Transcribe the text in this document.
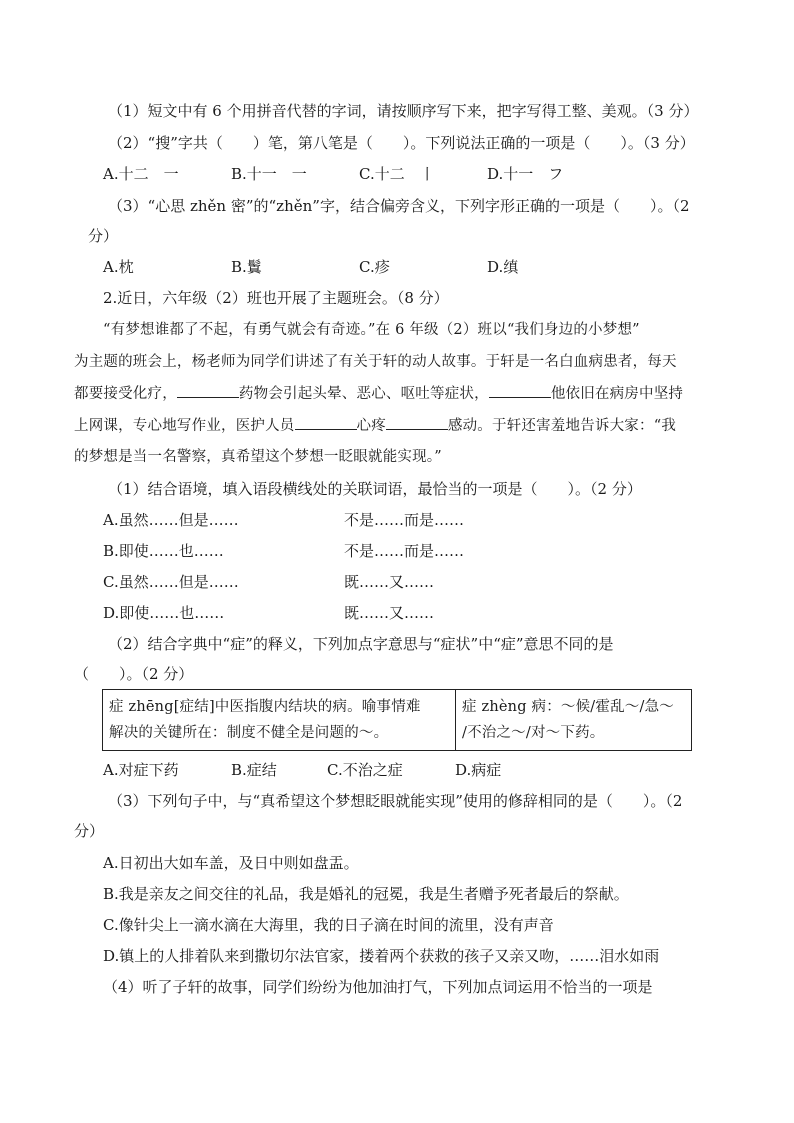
（1）短文中有 6 个用拼音代替的字词，请按顺序写下来，把字写得工整、美观。（3 分）
（2）“搜”字共（　　）笔，第八笔是（　　）。下列说法正确的一项是（　　）。（3 分）
A.十二　一	B.十一　一	C.十二　丨	D.十一　フ
（3）“心思 zhěn 密”的“zhěn”字，结合偏旁含义，下列字形正确的一项是（　　）。（2
分）
A.枕	B.鬒	C.疹	D.缜
2.近日，六年级（2）班也开展了主题班会。（8 分）
“有梦想谁都了不起，有勇气就会有奇迹。”在 6 年级（2）班以“我们身边的小梦想”
为主题的班会上，杨老师为同学们讲述了有关于轩的动人故事。于轩是一名白血病患者，每天
都要接受化疗，	药物会引起头晕、恶心、呕吐等症状，	他依旧在病房中坚持
上网课，专心地写作业，医护人员	心疼	感动。于轩还害羞地告诉大家：“我
的梦想是当一名警察，真希望这个梦想一眨眼就能实现。”
（1）结合语境，填入语段横线处的关联词语，最恰当的一项是（　　）。（2 分）
A.虽然……但是……	不是……而是……
B.即使……也……	不是……而是……
C.虽然……但是……	既……又……
D.即使……也……	既……又……
（2）结合字典中“症”的释义，下列加点字意思与“症状”中“症”意思不同的是
（　　）。（2 分）
症 zhēng[症结]中医指腹内结块的病。喻事情难
解决的关键所在：制度不健全是问题的～。

症 zhèng 病：～候/霍乱～/急～
/不治之～/对～下药。
A.对症下药	B.症结	C.不治之症	D.病症
（3）下列句子中，与“真希望这个梦想眨眼就能实现”使用的修辞相同的是（　　）。（2
分）
A.日初出大如车盖，及日中则如盘盂。
B.我是亲友之间交往的礼品，我是婚礼的冠冕，我是生者赠予死者最后的祭献。
C.像针尖上一滴水滴在大海里，我的日子滴在时间的流里，没有声音
D.镇上的人排着队来到撒切尔法官家，搂着两个获救的孩子又亲又吻，……泪水如雨
（4）听了子轩的故事，同学们纷纷为他加油打气，下列加点词运用不恰当的一项是
